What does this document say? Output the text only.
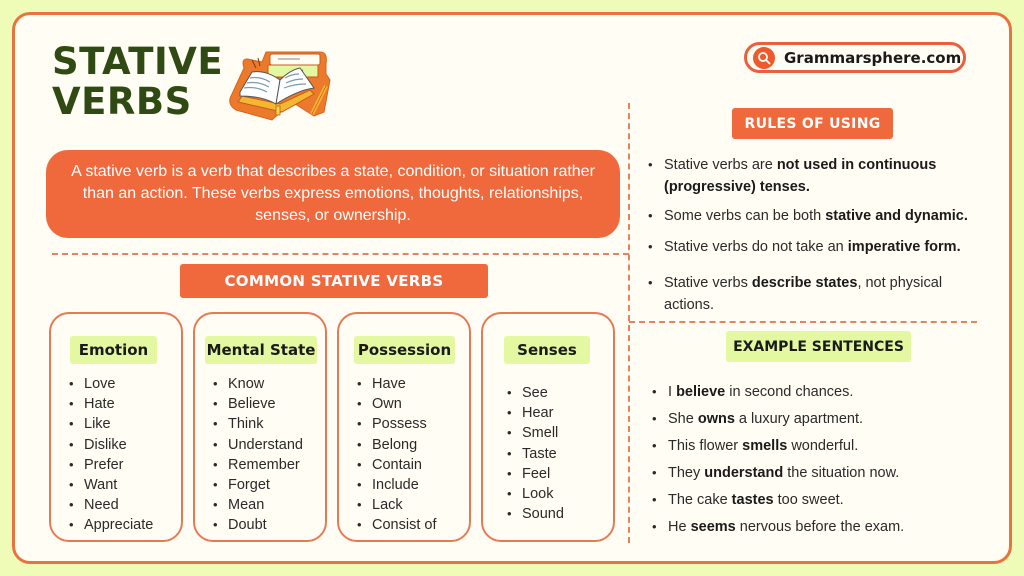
STATIVE
VERBS
Grammarsphere.com
A stative verb is a verb that describes a state, condition, or situation rather than an action. These verbs express emotions, thoughts, relationships, senses, or ownership.
COMMON STATIVE VERBS
Emotion
• Love
• Hate
• Like
• Dislike
• Prefer
• Want
• Need
• Appreciate
Mental State
• Know
• Believe
• Think
• Understand
• Remember
• Forget
• Mean
• Doubt
Possession
• Have
• Own
• Possess
• Belong
• Contain
• Include
• Lack
• Consist of
Senses
• See
• Hear
• Smell
• Taste
• Feel
• Look
• Sound
RULES OF USING
• Stative verbs are not used in continuous (progressive) tenses.
• Some verbs can be both stative and dynamic.
• Stative verbs do not take an imperative form.
• Stative verbs describe states, not physical actions.
EXAMPLE SENTENCES
• I believe in second chances.
• She owns a luxury apartment.
• This flower smells wonderful.
• They understand the situation now.
• The cake tastes too sweet.
• He seems nervous before the exam.
